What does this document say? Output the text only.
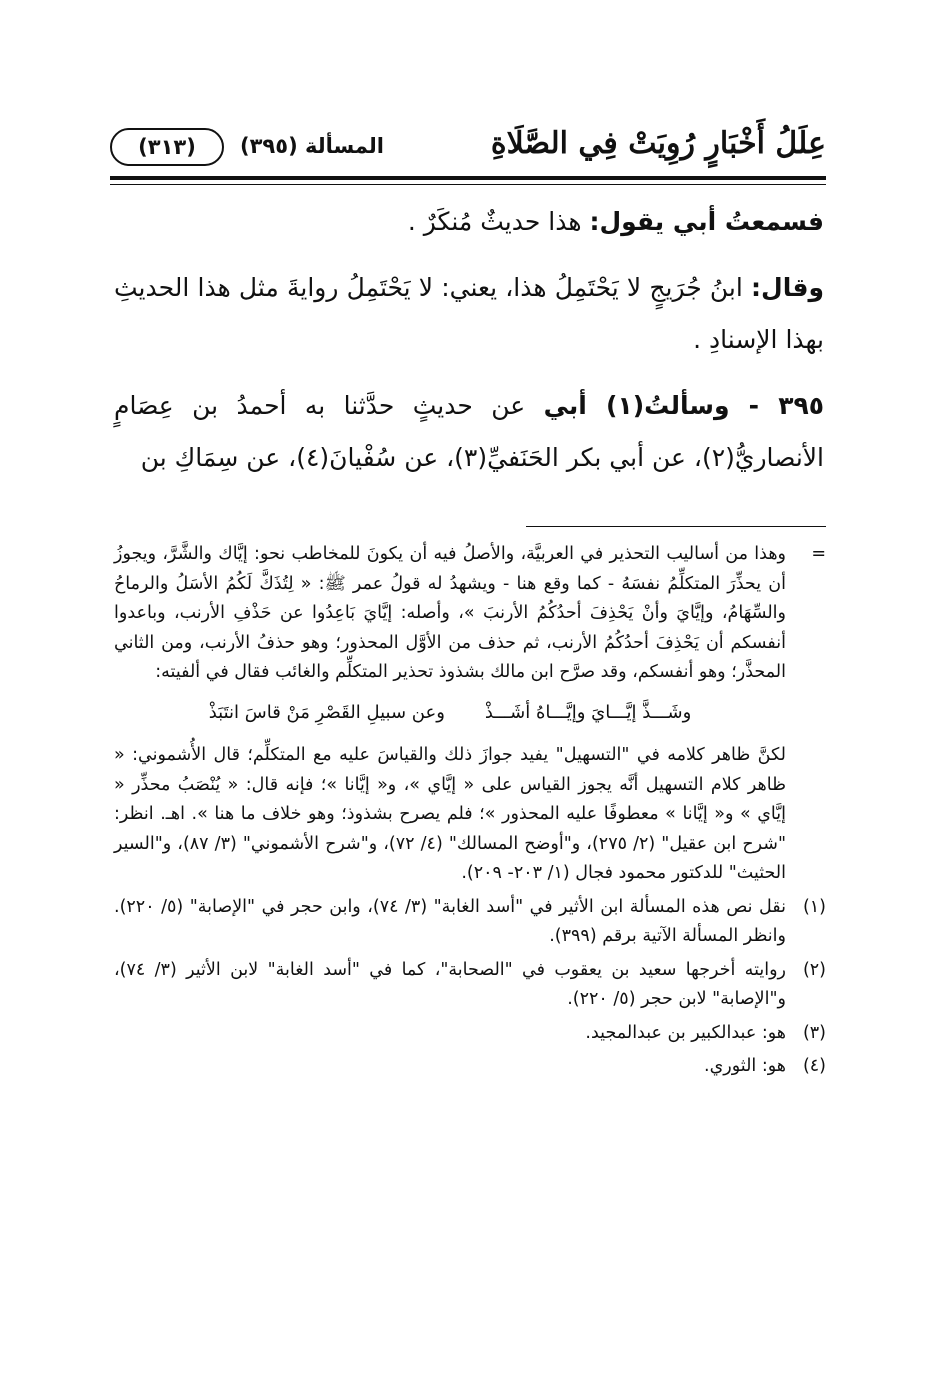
عِلَلُ أَخْبَارٍ رُوِيَتْ فِي الصَّلَاةِ
المسألة (٣٩٥)
(٣١٣)

فسمعتُ أبي يقول: هذا حديثٌ مُنكَرٌ .

وقال: ابنُ جُرَيجٍ لا يَحْتَمِلُ هذا، يعني: لا يَحْتَمِلُ روايةَ مثل هذا الحديثِ بهذا الإسنادِ .

٣٩٥ - وسألتُ(١) أبي عن حديثٍ حدَّثنا به أحمدُ بن عِصَامٍ الأنصاريُّ(٢)، عن أبي بكر الحَنَفيِّ(٣)، عن سُفْيانَ(٤)، عن سِمَاكِ بن

=

وهذا من أساليب التحذير في العربيَّة، والأصلُ فيه أن يكونَ للمخاطب نحو: إيَّاك والشَّرَّ، ويجوزُ أن يحذِّرَ المتكلِّمُ نفسَهُ - كما وقع هنا - ويشهدُ له قولُ عمر ﷺ: « لِتُذَكَّ لَكُمُ الأسَلُ والرماحُ والسِّهَامُ، وإيَّايَ وأنْ يَحْذِفَ أحدُكُمُ الأرنبَ »، وأصله: إيَّايَ بَاعِدُوا عن حَذْفِ الأرنب، وباعدوا أنفسكم أن يَحْذِفَ أحدُكُمُ الأرنب، ثم حذف من الأوَّل المحذور؛ وهو حذفُ الأرنب، ومن الثاني المحذَّر؛ وهو أنفسكم، وقد صرَّح ابن مالك بشذوذ تحذير المتكلِّم والغائب فقال في ألفيته:

وشَـــذَّ إيَّـــايَ وإيَّـــاهُ أشَـــذْ
وعن سبيلِ القَصْرِ مَنْ قاسَ انتَبَذْ

لكنَّ ظاهر كلامه في "التسهيل" يفيد جوازَ ذلك والقياسَ عليه مع المتكلِّم؛ قال الأُشموني: « ظاهر كلام التسهيل أنَّه يجوز القياس على « إيَّاي »، و« إيَّانا »؛ فإنه قال: « يُنْصَبُ محذِّر « إيَّاي » و« إيَّانا » معطوفًا عليه المحذور »؛ فلم يصرح بشذوذ؛ وهو خلاف ما هنا ». اهـ. انظر: "شرح ابن عقيل" (٢/ ٢٧٥)، و"أوضح المسالك" (٤/ ٧٢)، و"شرح الأشموني" (٣/ ٨٧)، و"السير الحثيث" للدكتور محمود فجال (١/ ٢٠٣- ٢٠٩).

(١)

نقل نص هذه المسألة ابن الأثير في "أسد الغابة" (٣/ ٧٤)، وابن حجر في "الإصابة" (٥/ ٢٢٠). وانظر المسألة الآتية برقم (٣٩٩).

(٢)

روايته أخرجها سعيد بن يعقوب في "الصحابة"، كما في "أسد الغابة" لابن الأثير (٣/ ٧٤)، و"الإصابة" لابن حجر (٥/ ٢٢٠).

(٣)

هو: عبدالكبير بن عبدالمجيد.

(٤)

هو: الثوري.
